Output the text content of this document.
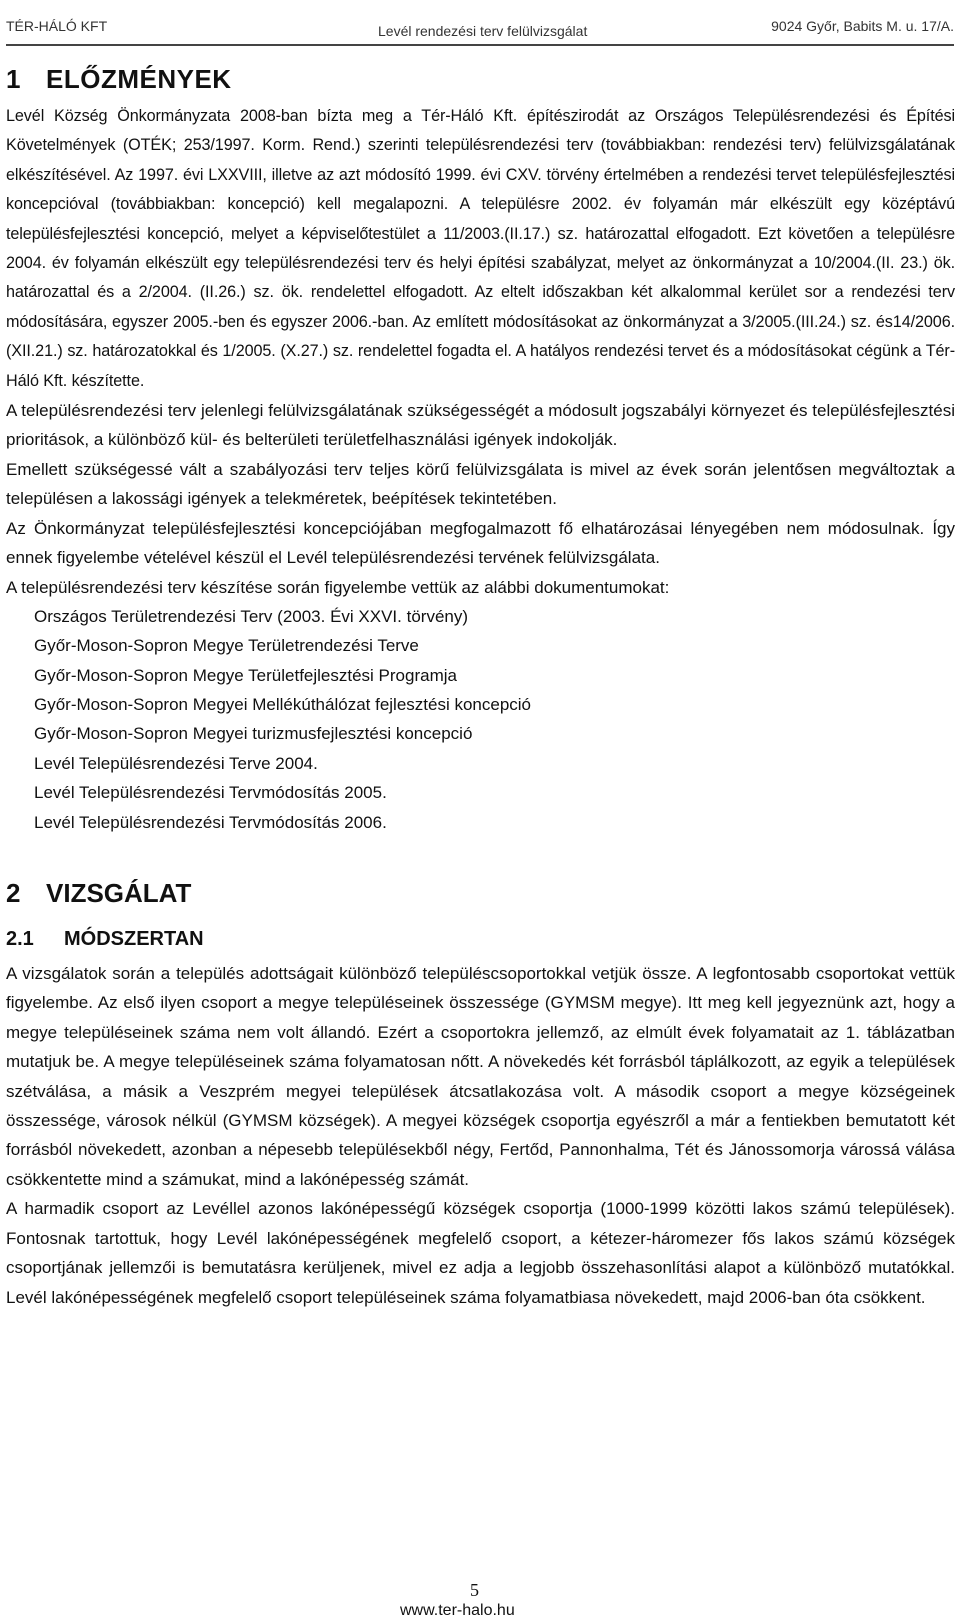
TÉR-HÁLÓ KFT	Levél rendezési terv felülvizsgálat	9024 Győr, Babits M. u. 17/A.
1 ELŐZMÉNYEK

Levél Község Önkormányzata 2008-ban bízta meg a Tér-Háló Kft. építészirodát az Országos Településrendezési és Építési Követelmények (OTÉK; 253/1997. Korm. Rend.) szerinti településrendezési terv (továbbiakban: rendezési terv) felülvizsgálatának elkészítésével. Az 1997. évi LXXVIII, illetve az azt módosító 1999. évi CXV. törvény értelmében a rendezési tervet településfejlesztési koncepcióval (továbbiakban: koncepció) kell megalapozni. A településre 2002. év folyamán már elkészült egy középtávú településfejlesztési koncepció, melyet a képviselőtestület a 11/2003.(II.17.) sz. határozattal elfogadott. Ezt követően a településre 2004. év folyamán elkészült egy településrendezési terv és helyi építési szabályzat, melyet az önkormányzat a 10/2004.(II. 23.) ök. határozattal és a 2/2004. (II.26.) sz. ök. rendelettel elfogadott. Az eltelt időszakban két alkalommal kerület sor a rendezési terv módosítására, egyszer 2005.-ben és egyszer 2006.-ban. Az említett módosításokat az önkormányzat a 3/2005.(III.24.) sz. és14/2006.(XII.21.) sz. határozatokkal és 1/2005. (X.27.) sz. rendelettel fogadta el. A hatályos rendezési tervet és a módosításokat cégünk a Tér-Háló Kft. készítette.

A településrendezési terv jelenlegi felülvizsgálatának szükségességét a módosult jogszabályi környezet és településfejlesztési prioritások, a különböző kül- és belterületi területfelhasználási igények indokolják.

Emellett szükségessé vált a szabályozási terv teljes körű felülvizsgálata is mivel az évek során jelentősen megváltoztak a településen a lakossági igények a telekméretek, beépítések tekintetében.

Az Önkormányzat településfejlesztési koncepciójában megfogalmazott fő elhatározásai lényegében nem módosulnak. Így ennek figyelembe vételével készül el Levél településrendezési tervének felülvizsgálata.

A településrendezési terv készítése során figyelembe vettük az alábbi dokumentumokat:

Országos Területrendezési Terv (2003. Évi XXVI. törvény)
Győr-Moson-Sopron Megye Területrendezési Terve
Győr-Moson-Sopron Megye Területfejlesztési Programja
Győr-Moson-Sopron Megyei Mellékúthálózat fejlesztési koncepció
Győr-Moson-Sopron Megyei turizmusfejlesztési koncepció
Levél Településrendezési Terve 2004.
Levél Településrendezési Tervmódosítás 2005.
Levél Településrendezési Tervmódosítás 2006.
2 VIZSGÁLAT
2.1 MÓDSZERTAN

A vizsgálatok során a település adottságait különböző településcsoportokkal vetjük össze. A legfontosabb csoportokat vettük figyelembe. Az első ilyen csoport a megye településeinek összessége (GYMSM megye). Itt meg kell jegyeznünk azt, hogy a megye településeinek száma nem volt állandó. Ezért a csoportokra jellemző, az elmúlt évek folyamatait az 1. táblázatban mutatjuk be. A megye településeinek száma folyamatosan nőtt. A növekedés két forrásból táplálkozott, az egyik a települések szétválása, a másik a Veszprém megyei települések átcsatlakozása volt. A második csoport a megye községeinek összessége, városok nélkül (GYMSM községek). A megyei községek csoportja egyészről a már a fentiekben bemutatott két forrásból növekedett, azonban a népesebb településekből négy, Fertőd, Pannonhalma, Tét és Jánossomorja várossá válása csökkentette mind a számukat, mind a lakónépesség számát.

A harmadik csoport az Levéllel azonos lakónépességű községek csoportja (1000-1999 közötti lakos számú települések). Fontosnak tartottuk, hogy Levél lakónépességének megfelelő csoport, a kétezer-háromezer fős lakos számú községek csoportjának jellemzői is bemutatásra kerüljenek, mivel ez adja a legjobb összehasonlítási alapot a különböző mutatókkal. Levél lakónépességének megfelelő csoport településeinek száma folyamatbiasa növekedett, majd 2006-ban óta csökkent.

5
www.ter-halo.hu
